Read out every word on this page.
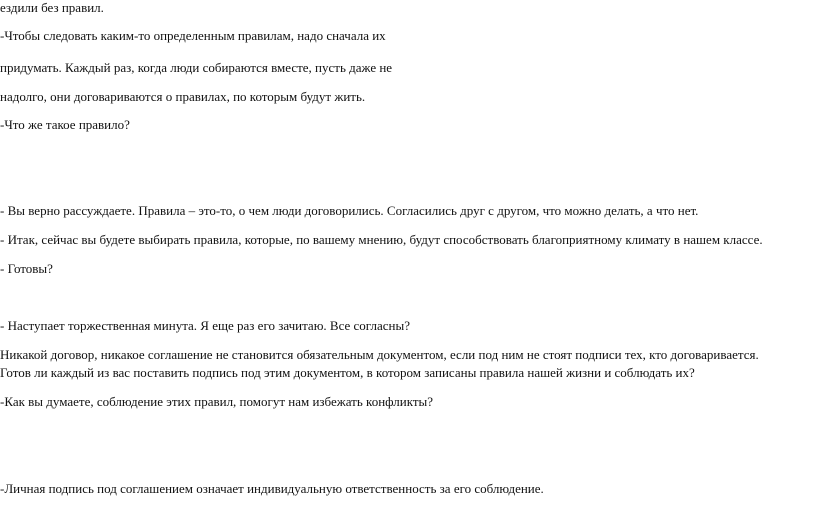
ездили без правил.
-Чтобы следовать каким-то определенным правилам, надо сначала их
придумать. Каждый раз, когда люди собираются вместе, пусть даже не
надолго, они договариваются о правилах, по которым будут жить.
-Что же такое правило?
- Вы верно рассуждаете. Правила – это-то, о чем люди договорились. Согласились друг с другом, что можно делать, а что нет.
- Итак, сейчас вы будете выбирать правила, которые, по вашему мнению, будут способствовать благоприятному климату в нашем классе.
- Готовы?
- Наступает торжественная минута. Я еще раз его зачитаю. Все согласны?
Никакой договор, никакое соглашение не становится обязательным документом, если под ним не стоят подписи тех, кто договаривается.
Готов ли каждый из вас поставить подпись под этим документом, в котором записаны правила нашей жизни и соблюдать их?
-Как вы думаете, соблюдение этих правил, помогут нам избежать конфликты?
-Личная подпись под соглашением означает индивидуальную ответственность за его соблюдение.
